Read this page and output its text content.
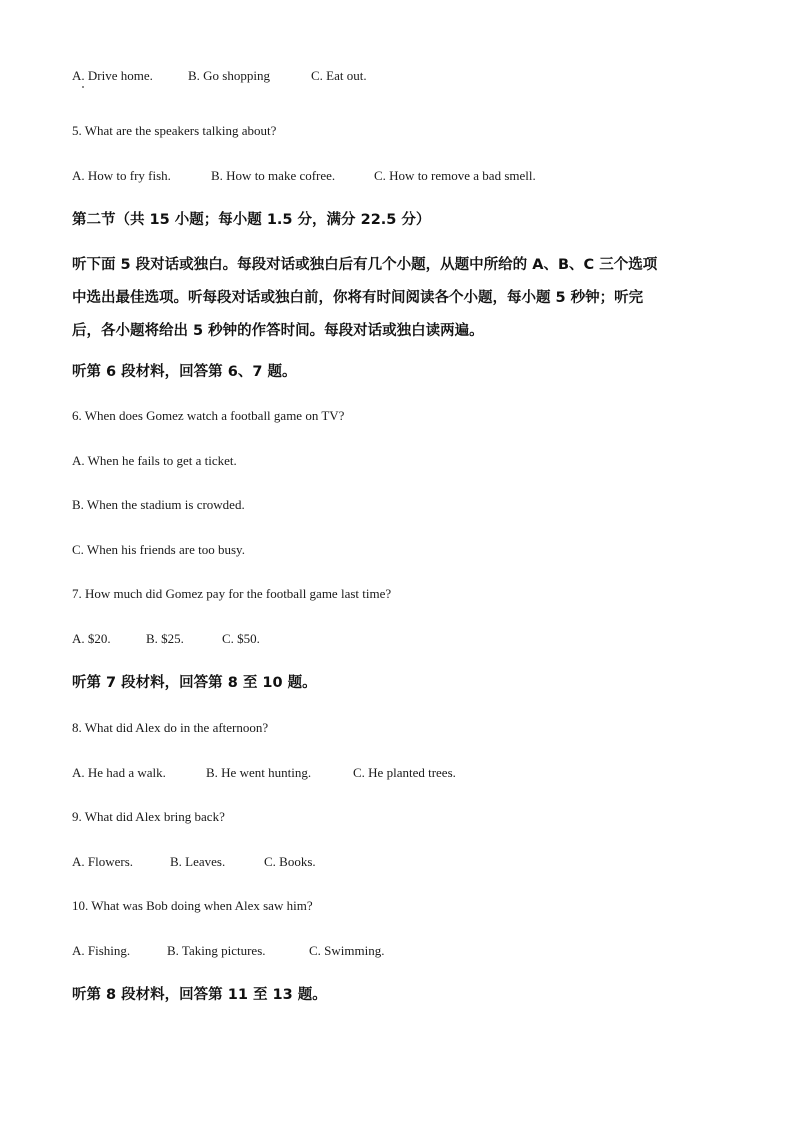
A. Drive home.	B. Go shopping	C. Eat out.
5. What are the speakers talking about?
A. How to fry fish.	B. How to make cofree.	C. How to remove a bad smell.
第二节（共 15 小题；每小题 1.5 分，满分 22.5 分）
听下面 5 段对话或独白。每段对话或独白后有几个小题，从题中所给的 A、B、C 三个选项
中选出最佳选项。听每段对话或独白前，你将有时间阅读各个小题，每小题 5 秒钟；听完
后，各小题将给出 5 秒钟的作答时间。每段对话或独白读两遍。
听第 6 段材料，回答第 6、7 题。
6. When does Gomez watch a football game on TV?
A. When he fails to get a ticket.
B. When the stadium is crowded.
C. When his friends are too busy.
7. How much did Gomez pay for the football game last time?
A. $20.	B. $25.	C. $50.
听第 7 段材料，回答第 8 至 10 题。
8. What did Alex do in the afternoon?
A. He had a walk.	B. He went hunting.	C. He planted trees.
9. What did Alex bring back?
A. Flowers.	B. Leaves.	C. Books.
10. What was Bob doing when Alex saw him?
A. Fishing.	B. Taking pictures.	C. Swimming.
听第 8 段材料，回答第 11 至 13 题。
